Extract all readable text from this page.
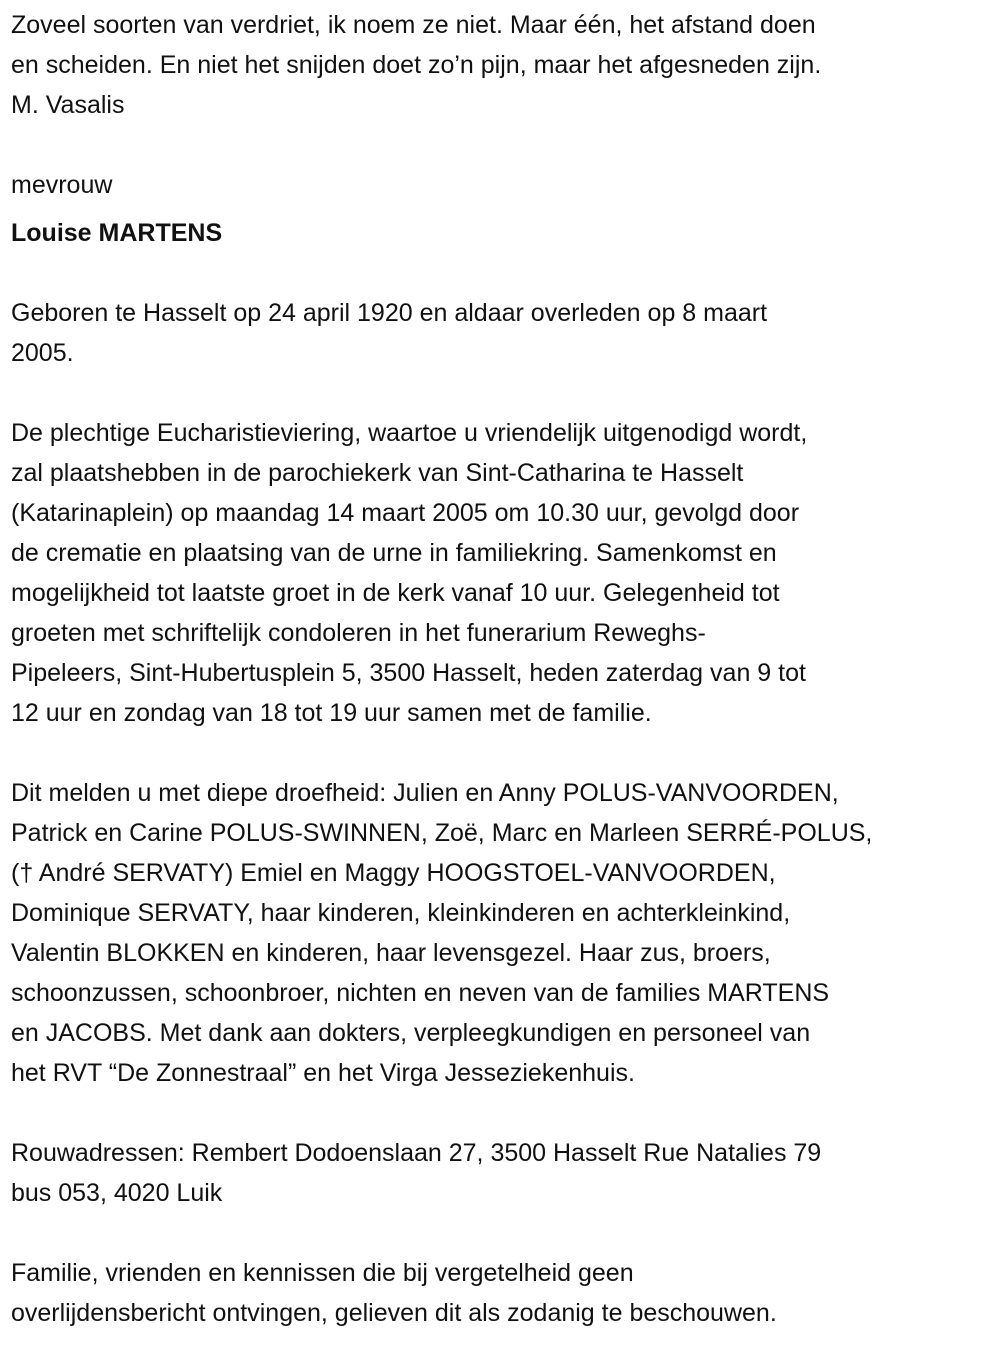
Zoveel soorten van verdriet, ik noem ze niet. Maar één, het afstand doen
en scheiden. En niet het snijden doet zo’n pijn, maar het afgesneden zijn.
M. Vasalis
mevrouw
Louise MARTENS
Geboren te Hasselt op 24 april 1920 en aldaar overleden op 8 maart
2005.
De plechtige Eucharistieviering, waartoe u vriendelijk uitgenodigd wordt,
zal plaatshebben in de parochiekerk van Sint-Catharina te Hasselt
(Katarinaplein) op maandag 14 maart 2005 om 10.30 uur, gevolgd door
de crematie en plaatsing van de urne in familiekring. Samenkomst en
mogelijkheid tot laatste groet in de kerk vanaf 10 uur. Gelegenheid tot
groeten met schriftelijk condoleren in het funerarium Reweghs-
Pipeleers, Sint-Hubertusplein 5, 3500 Hasselt, heden zaterdag van 9 tot
12 uur en zondag van 18 tot 19 uur samen met de familie.
Dit melden u met diepe droefheid: Julien en Anny POLUS-VANVOORDEN,
Patrick en Carine POLUS-SWINNEN, Zoë, Marc en Marleen SERRÉ-POLUS,
(† André SERVATY) Emiel en Maggy HOOGSTOEL-VANVOORDEN,
Dominique SERVATY, haar kinderen, kleinkinderen en achterkleinkind,
Valentin BLOKKEN en kinderen, haar levensgezel. Haar zus, broers,
schoonzussen, schoonbroer, nichten en neven van de families MARTENS
en JACOBS. Met dank aan dokters, verpleegkundigen en personeel van
het RVT “De Zonnestraal” en het Virga Jesseziekenhuis.
Rouwadressen: Rembert Dodoenslaan 27, 3500 Hasselt Rue Natalies 79
bus 053, 4020 Luik
Familie, vrienden en kennissen die bij vergetelheid geen
overlijdensbericht ontvingen, gelieven dit als zodanig te beschouwen.
